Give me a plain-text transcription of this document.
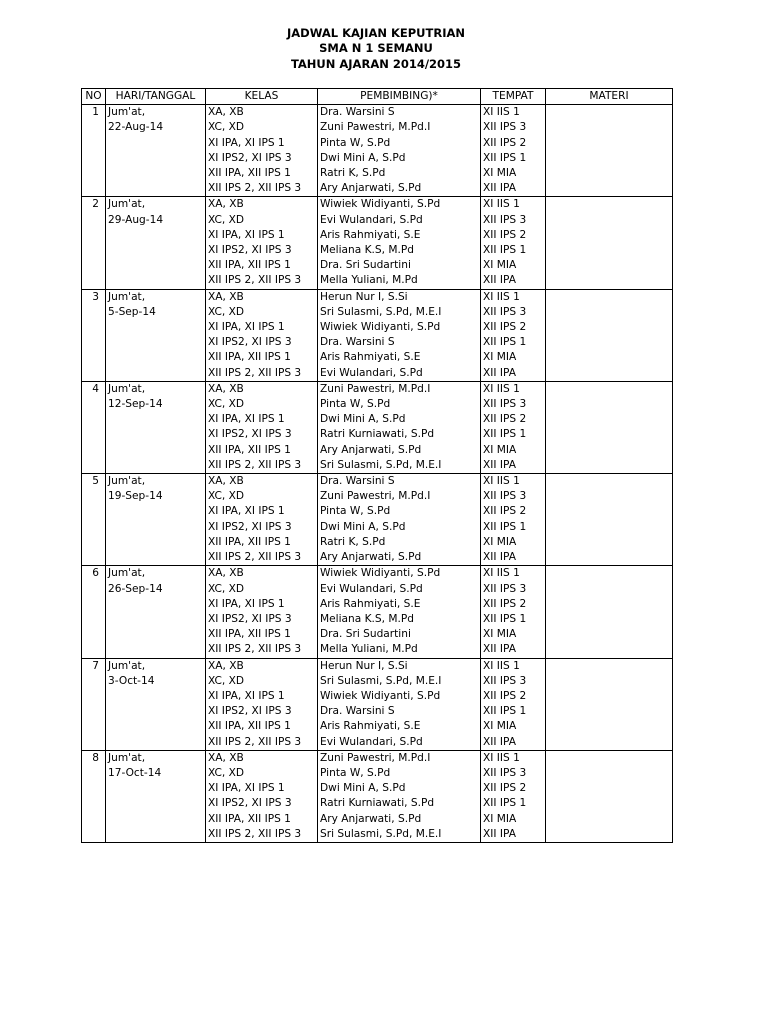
JADWAL KAJIAN KEPUTRIAN
SMA N 1 SEMANU
TAHUN AJARAN 2014/2015
NO	HARI/TANGGAL	KELAS	PEMBIMBING)*	TEMPAT	MATERI
1	Jum'at,	XA, XB	Dra. Warsini S	XI IIS 1	
	22-Aug-14	XC, XD	Zuni Pawestri, M.Pd.I	XII IPS 3	
		XI IPA, XI IPS 1	Pinta W, S.Pd	XII IPS 2	
		XI IPS2, XI IPS 3	Dwi Mini A, S.Pd	XII IPS 1	
		XII IPA, XII IPS 1	Ratri K, S.Pd	XI MIA	
		XII IPS 2, XII IPS 3	Ary Anjarwati, S.Pd	XII IPA	
2	Jum'at,	XA, XB	Wiwiek Widiyanti, S.Pd	XI IIS 1	
	29-Aug-14	XC, XD	Evi Wulandari, S.Pd	XII IPS 3	
		XI IPA, XI IPS 1	Aris Rahmiyati, S.E	XII IPS 2	
		XI IPS2, XI IPS 3	Meliana K.S, M.Pd	XII IPS 1	
		XII IPA, XII IPS 1	Dra. Sri Sudartini	XI MIA	
		XII IPS 2, XII IPS 3	Mella Yuliani, M.Pd	XII IPA	
3	Jum'at,	XA, XB	Herun Nur I, S.Si	XI IIS 1	
	5-Sep-14	XC, XD	Sri Sulasmi, S.Pd, M.E.I	XII IPS 3	
		XI IPA, XI IPS 1	Wiwiek Widiyanti, S.Pd	XII IPS 2	
		XI IPS2, XI IPS 3	Dra. Warsini S	XII IPS 1	
		XII IPA, XII IPS 1	Aris Rahmiyati, S.E	XI MIA	
		XII IPS 2, XII IPS 3	Evi Wulandari, S.Pd	XII IPA	
4	Jum'at,	XA, XB	Zuni Pawestri, M.Pd.I	XI IIS 1	
	12-Sep-14	XC, XD	Pinta W, S.Pd	XII IPS 3	
		XI IPA, XI IPS 1	Dwi Mini A, S.Pd	XII IPS 2	
		XI IPS2, XI IPS 3	Ratri Kurniawati, S.Pd	XII IPS 1	
		XII IPA, XII IPS 1	Ary Anjarwati, S.Pd	XI MIA	
		XII IPS 2, XII IPS 3	Sri Sulasmi, S.Pd, M.E.I	XII IPA	
5	Jum'at,	XA, XB	Dra. Warsini S	XI IIS 1	
	19-Sep-14	XC, XD	Zuni Pawestri, M.Pd.I	XII IPS 3	
		XI IPA, XI IPS 1	Pinta W, S.Pd	XII IPS 2	
		XI IPS2, XI IPS 3	Dwi Mini A, S.Pd	XII IPS 1	
		XII IPA, XII IPS 1	Ratri K, S.Pd	XI MIA	
		XII IPS 2, XII IPS 3	Ary Anjarwati, S.Pd	XII IPA	
6	Jum'at,	XA, XB	Wiwiek Widiyanti, S.Pd	XI IIS 1	
	26-Sep-14	XC, XD	Evi Wulandari, S.Pd	XII IPS 3	
		XI IPA, XI IPS 1	Aris Rahmiyati, S.E	XII IPS 2	
		XI IPS2, XI IPS 3	Meliana K.S, M.Pd	XII IPS 1	
		XII IPA, XII IPS 1	Dra. Sri Sudartini	XI MIA	
		XII IPS 2, XII IPS 3	Mella Yuliani, M.Pd	XII IPA	
7	Jum'at,	XA, XB	Herun Nur I, S.Si	XI IIS 1	
	3-Oct-14	XC, XD	Sri Sulasmi, S.Pd, M.E.I	XII IPS 3	
		XI IPA, XI IPS 1	Wiwiek Widiyanti, S.Pd	XII IPS 2	
		XI IPS2, XI IPS 3	Dra. Warsini S	XII IPS 1	
		XII IPA, XII IPS 1	Aris Rahmiyati, S.E	XI MIA	
		XII IPS 2, XII IPS 3	Evi Wulandari, S.Pd	XII IPA	
8	Jum'at,	XA, XB	Zuni Pawestri, M.Pd.I	XI IIS 1	
	17-Oct-14	XC, XD	Pinta W, S.Pd	XII IPS 3	
		XI IPA, XI IPS 1	Dwi Mini A, S.Pd	XII IPS 2	
		XI IPS2, XI IPS 3	Ratri Kurniawati, S.Pd	XII IPS 1	
		XII IPA, XII IPS 1	Ary Anjarwati, S.Pd	XI MIA	
		XII IPS 2, XII IPS 3	Sri Sulasmi, S.Pd, M.E.I	XII IPA	
